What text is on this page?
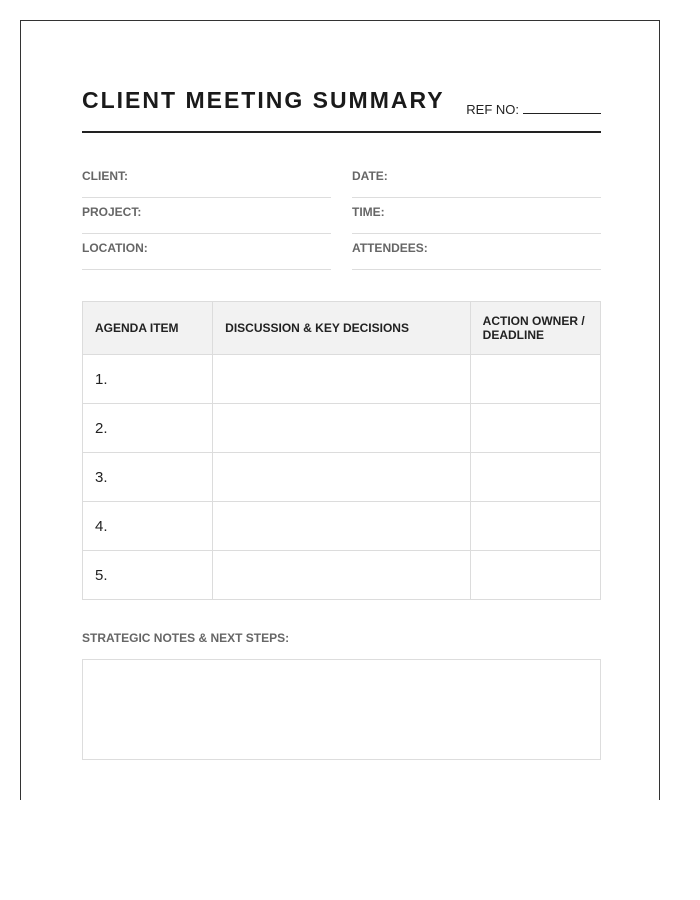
CLIENT MEETING SUMMARY REF NO:
CLIENT:
PROJECT:
LOCATION:
DATE:
TIME:
ATTENDEES:
AGENDA ITEM	DISCUSSION & KEY DECISIONS	ACTION OWNER / DEADLINE
1.		
2.		
3.		
4.		
5.		
STRATEGIC NOTES & NEXT STEPS:
